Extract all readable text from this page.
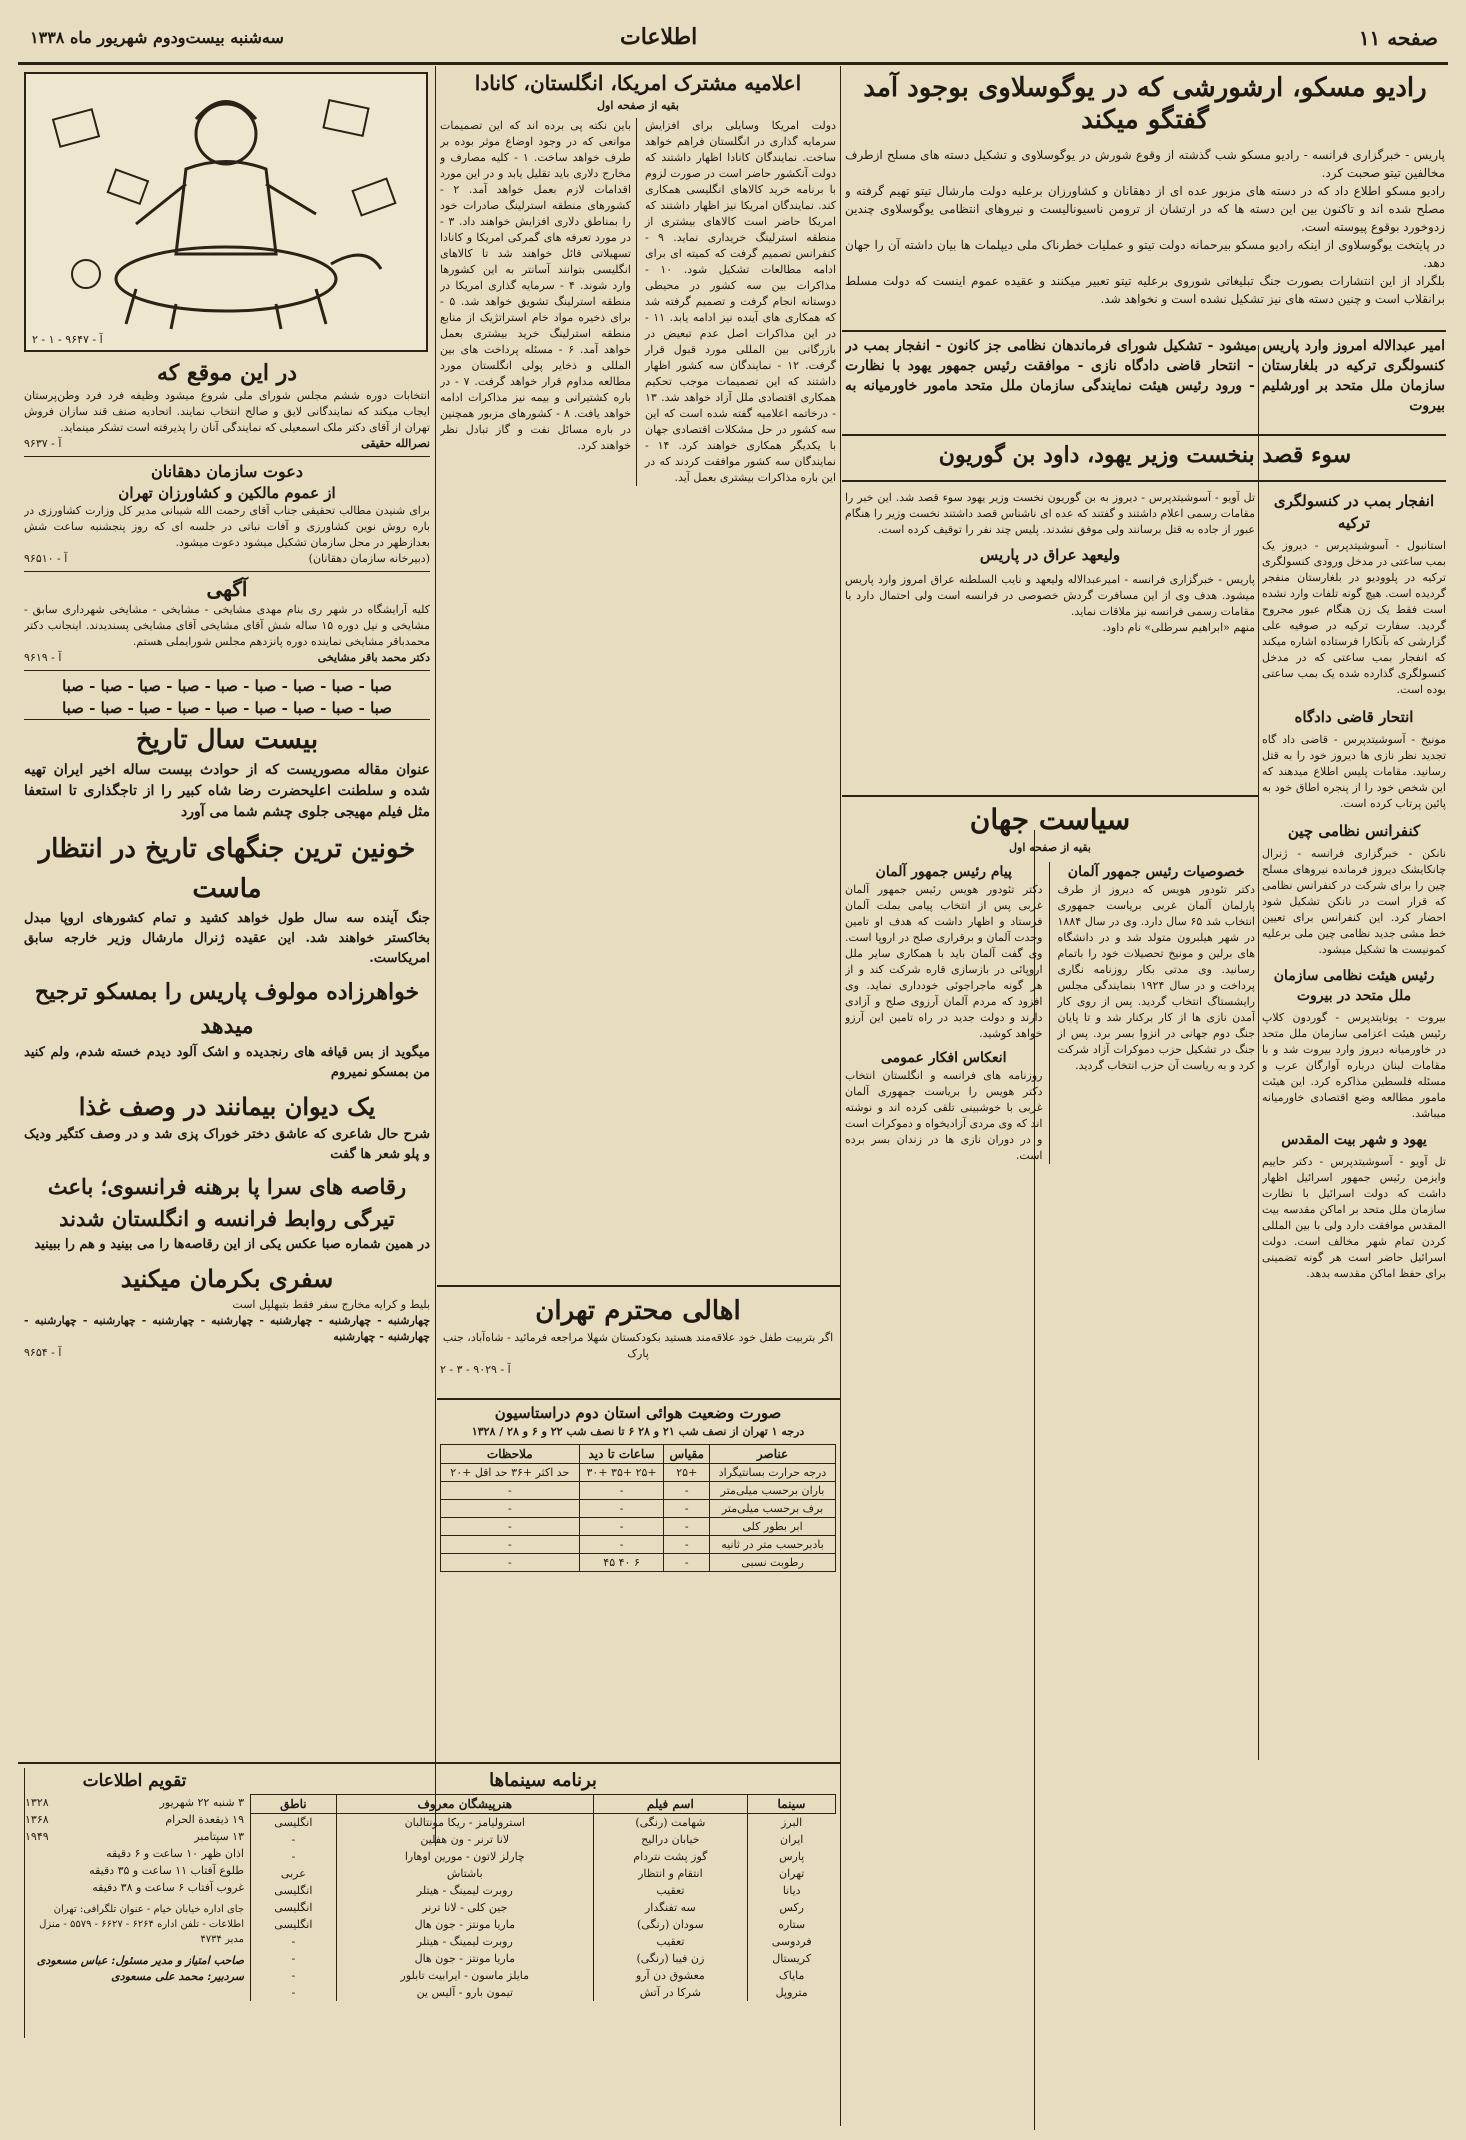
صفحه ۱۱
اطلاعات
سه‌شنبه بیست‌ودوم شهریور ماه ۱۳۳۸
رادیو مسکو، ارشورشی که در یوگوسلاوی بوجود آمد گفتگو میکند
پاریس - خبرگزاری فرانسه - رادیو مسکو شب گذشته از وقوع شورش در یوگوسلاوی و تشکیل دسته های مسلح ازطرف مخالفین تیتو صحبت کرد.
رادیو مسکو اطلاع داد که در دسته های مزبور عده ای از دهقانان و کشاورزان برعلیه دولت مارشال تیتو تهیم گرفته و مصلح شده اند و تاکنون بین این دسته ها که در ارتشان از ترومن ناسیونالیست و نیروهای انتظامی یوگوسلاوی چندین زدوخورد بوقوع پیوسته است.
در پایتخت یوگوسلاوی از اینکه رادیو مسکو بیرحمانه دولت تیتو و عملیات خطرناک ملی دیپلمات ها بیان داشته آن را جهان دهد.
بلگراد از این انتشارات بصورت جنگ تبلیغاتی شوروی برعلیه تیتو تعبیر میکنند و عقیده عموم اینست که دولت مسلط برانقلاب است و چنین دسته های نیز تشکیل نشده است و نخواهد شد.
امیر عبدالاله امروز وارد پاریس میشود - تشکیل شورای فرماندهان نظامی جز کانون - انفجار بمب در کنسولگری ترکیه در بلغارستان - انتحار قاضی دادگاه نازی - موافقت رئیس جمهور یهود با نظارت سازمان ملل متحد بر اورشلیم - ورود رئیس هیئت نمایندگی سازمان ملل متحد مامور خاورمیانه به بیروت
سوء قصد بنخست وزیر یهود، داود بن گوریون
انفجار بمب در کنسولگری ترکیه
استانبول - آسوشیتدپرس - دیروز یک بمب ساعتی در مدخل ورودی کنسولگری ترکیه در پلوودیو در بلغارستان منفجر گردیده است. هیچ گونه تلفات وارد نشده است فقط یک زن هنگام عبور مجروح گردید. سفارت ترکیه در صوفیه علی گزارشی که بآنکارا فرستاده اشاره میکند که انفجار بمب ساعتی که در مدخل کنسولگری گذارده شده یک بمب ساعتی بوده است.
انتحار قاضی دادگاه
مونیخ - آسوشیتدپرس - قاضی داد گاه تجدید نظر نازی ها دیروز خود را به قتل رسانید. مقامات پلیس اطلاع میدهند که این شخص خود را از پنجره اطاق خود به پائین پرتاب کرده است.
کنفرانس نظامی چین
نانکن - خبرگزاری فرانسه - ژنرال چانکایشک دیروز فرمانده نیروهای مسلح چین را برای شرکت در کنفرانس نظامی که قرار است در نانکن تشکیل شود احضار کرد. این کنفرانس برای تعیین خط مشی جدید نظامی چین ملی برعلیه کمونیست ها تشکیل میشود.
رئیس هیئت نظامی سازمان ملل متحد در بیروت
بیروت - یونایتدپرس - گوردون کلاپ رئیس هیئت اعزامی سازمان ملل متحد در خاورمیانه دیروز وارد بیروت شد و با مقامات لبنان درباره آوارگان عرب و مسئله فلسطین مذاکره کرد. این هیئت مامور مطالعه وضع اقتصادی خاورمیانه میباشد.
یهود و شهر بیت المقدس
تل آویو - آسوشیتدپرس - دکتر حاییم وایزمن رئیس جمهور اسرائیل اظهار داشت که دولت اسرائیل با نظارت سازمان ملل متحد بر اماکن مقدسه بیت المقدس موافقت دارد ولی با بین المللی کردن تمام شهر مخالف است. دولت اسرائیل حاضر است هر گونه تضمینی برای حفظ اماکن مقدسه بدهد.
تل آویو - آسوشیتدپرس - دیروز به بن گوریون نخست وزیر یهود سوء قصد شد. این خبر را مقامات رسمی اعلام داشتند و گفتند که عده ای ناشناس قصد داشتند نخست وزیر را هنگام عبور از جاده به قتل برسانند ولی موفق نشدند. پلیس چند نفر را توقیف کرده است.
ولیعهد عراق در پاریس
پاریس - خبرگزاری فرانسه - امیرعبدالاله ولیعهد و نایب السلطنه عراق امروز وارد پاریس میشود. هدف وی از این مسافرت گردش خصوصی در فرانسه است ولی احتمال دارد با مقامات رسمی فرانسه نیز ملاقات نماید.
منهم «ابراهیم سرطلی» نام داود.
سیاست جهان
بقیه از صفحه اول
خصوصیات رئیس جمهور آلمان
دکتر تئودور هویس که دیروز از طرف پارلمان آلمان غربی بریاست جمهوری انتخاب شد ۶۵ سال دارد. وی در سال ۱۸۸۴ در شهر هیلبرون متولد شد و در دانشگاه های برلین و مونیخ تحصیلات خود را باتمام رسانید. وی مدتی بکار روزنامه نگاری پرداخت و در سال ۱۹۲۴ بنمایندگی مجلس رایشستاگ انتخاب گردید. پس از روی کار آمدن نازی ها از کار برکنار شد و تا پایان جنگ دوم جهانی در انزوا بسر برد. پس از جنگ در تشکیل حزب دموکرات آزاد شرکت کرد و به ریاست آن حزب انتخاب گردید.
پیام رئیس جمهور آلمان
دکتر تئودور هویس رئیس جمهور آلمان غربی پس از انتخاب پیامی بملت آلمان فرستاد و اظهار داشت که هدف او تامین وحدت آلمان و برقراری صلح در اروپا است. وی گفت آلمان باید با همکاری سایر ملل اروپائی در بازسازی قاره شرکت کند و از هر گونه ماجراجوئی خودداری نماید. وی افزود که مردم آلمان آرزوی صلح و آزادی دارند و دولت جدید در راه تامین این آرزو خواهد کوشید.
انعکاس افکار عمومی
روزنامه های فرانسه و انگلستان انتخاب دکتر هویس را بریاست جمهوری آلمان غربی با خوشبینی تلقی کرده اند و نوشته اند که وی مردی آزادیخواه و دموکرات است و در دوران نازی ها در زندان بسر برده است.
اعلامیه مشترک امریکا، انگلستان، کانادا
بقیه از صفحه اول
دولت امریکا وسایلی برای افزایش سرمایه گذاری در انگلستان فراهم خواهد ساخت. نمایندگان کانادا اظهار داشتند که دولت آنکشور حاضر است در صورت لزوم با برنامه خرید کالاهای انگلیسی همکاری کند. نمایندگان امریکا نیز اظهار داشتند که امریکا حاضر است کالاهای بیشتری از منطقه استرلینگ خریداری نماید. ۹ - کنفرانس تصمیم گرفت که کمیته ای برای ادامه مطالعات تشکیل شود. ۱۰ - مذاکرات بین سه کشور در محیطی دوستانه انجام گرفت و تصمیم گرفته شد که همکاری های آینده نیز ادامه یابد. ۱۱ - در این مذاکرات اصل عدم تبعیض در بازرگانی بین المللی مورد قبول قرار گرفت. ۱۲ - نمایندگان سه کشور اظهار داشتند که این تصمیمات موجب تحکیم همکاری اقتصادی ملل آزاد خواهد شد. ۱۳ - درخاتمه اعلامیه گفته شده است که این سه کشور در حل مشکلات اقتصادی جهان با یکدیگر همکاری خواهند کرد. ۱۴ - نمایندگان سه کشور موافقت کردند که در این باره مذاکرات بیشتری بعمل آید.
باین نکته پی برده اند که این تصمیمات موانعی که در وجود اوضاع موثر بوده بر طرف خواهد ساخت. ۱ - کلیه مصارف و مخارج دلاری باید تقلیل یابد و در این مورد اقدامات لازم بعمل خواهد آمد. ۲ - کشورهای منطقه استرلینگ صادرات خود را بمناطق دلاری افزایش خواهند داد. ۳ - در مورد تعرفه های گمرکی امریکا و کانادا تسهیلاتی قائل خواهند شد تا کالاهای انگلیسی بتوانند آسانتر به این کشورها وارد شوند. ۴ - سرمایه گذاری امریکا در منطقه استرلینگ تشویق خواهد شد. ۵ - برای ذخیره مواد خام استراتژیک از منابع منطقه استرلینگ خرید بیشتری بعمل خواهد آمد. ۶ - مسئله پرداخت های بین المللی و ذخایر پولی انگلستان مورد مطالعه مداوم قرار خواهد گرفت. ۷ - در باره کشتیرانی و بیمه نیز مذاکرات ادامه خواهد یافت. ۸ - کشورهای مزبور همچنین در باره مسائل نفت و گاز تبادل نظر خواهند کرد.
اهالی محترم تهران
اگر بتربیت طفل خود علاقه‌مند هستید بکودکستان شهلا مراجعه فرمائید - شاه‌آباد، جنب پارک
آ - ۹۰۲۹ - ۳ - ۲
صورت وضعیت هوائی استان دوم دراستاسیون
درجه ۱ تهران از نصف شب ۲۱ و ۲۸ ۶ تا نصف شب ۲۲ و ۶ و ۲۸ / ۱۳۲۸
عناصر	مقیاس	ساعات تا دید	ملاحظات
درجه حرارت بسانتیگراد	+۲۵	+۲۵ +۳۵ +۳۰	حد اکثر +۳۶ حد اقل +۲۰
باران برحسب میلی‌متر	-	-	-
برف برحسب میلی‌متر	-	-	-
ابر بطور کلی	-	-	-
بادبرحسب متر در ثانیه	-	-	-
رطوبت نسبی	-	۶ ۴۰ ۴۵	-
آ - ۹۶۴۷ - ۱ - ۲
در این موقع که
انتخابات دوره ششم مجلس شورای ملی شروع میشود وظیفه فرد فرد وطن‌پرستان ایجاب میکند که نمایندگانی لایق و صالح انتخاب نمایند. اتحادیه صنف قند سازان فروش تهران از آقای دکتر ملک اسمعیلی که نمایندگی آنان را پذیرفته است تشکر مینماید.
نصرالله حقیقی
آ - ۹۶۳۷
دعوت سازمان دهقانان
از عموم مالکین و کشاورزان تهران
برای شنیدن مطالب تحقیقی جناب آقای رحمت الله شیبانی مدیر کل وزارت کشاورزی در باره روش نوین کشاورزی و آفات نباتی در جلسه ای که روز پنجشنبه ساعت شش بعدازظهر در محل سازمان تشکیل میشود دعوت میشود.
(دبیرخانه سازمان دهقانان)
آ - ۹۶۵۱۰
آگهی
کلیه آرایشگاه در شهر ری بنام مهدی مشایخی - مشایخی - مشایخی شهرداری سابق - مشایخی و نیل دوره ۱۵ ساله شش آقای مشایخی آقای مشایخی پسندیدند. اینجانب دکتر محمدباقر مشایخی نماینده دوره پانزدهم مجلس شورایملی هستم.
دکتر محمد باقر مشایخی
آ - ۹۶۱۹
صبا - صبا - صبا - صبا - صبا - صبا - صبا - صبا - صبا
صبا - صبا - صبا - صبا - صبا - صبا - صبا - صبا - صبا
بیست سال تاریخ
عنوان مقاله مصوریست که از حوادث بیست ساله اخیر ایران تهیه شده و سلطنت اعلیحضرت رضا شاه کبیر را از تاجگذاری تا استعفا مثل فیلم مهیجی جلوی چشم شما می آورد
خونین ترین جنگهای تاریخ در انتظار ماست
جنگ آینده سه سال طول خواهد کشید و تمام کشورهای اروپا مبدل بخاکستر خواهند شد. این عقیده ژنرال مارشال وزیر خارجه سابق امریکاست.
خواهرزاده مولوف پاریس را بمسکو ترجیح میدهد
میگوید از بس قیافه های رنجدیده و اشک آلود دیدم خسته شدم، ولم کنید من بمسکو نمیروم
یک دیوان بیمانند در وصف غذا
شرح حال شاعری که عاشق دختر خوراک پزی شد و در وصف کتگیر ودیک و پلو شعر ها گفت
رقاصه های سرا پا برهنه فرانسوی؛ باعث تیرگی روابط فرانسه و انگلستان شدند
در همین شماره صبا عکس یکی از این رقاصه‌ها را می بینید و هم را ببینید
سفری بکرمان میکنید
بليط و کرايه مخارج سفر فقط بتبهلپل است
چهارشنبه - چهارشنبه - چهارشنبه - چهارشنبه - چهارشنبه - چهارشنبه - چهارشنبه - چهارشنبه - چهارشنبه
آ - ۹۶۵۴
برنامه سینماها
سینما	اسم فیلم	هنرپیشگان معروف	ناطق
البرز	شهامت (رنگی)	استرولیامز - ریکا مونتالبان	انگلیسی
ایران	خیابان درالیح	لانا ترنر - ون هفلین	-
پارس	گوز پشت نتردام	چارلز لاتون - مورین اوهارا	-
تهران	انتقام و انتظار	باشتاش	عربی
دیانا	تعقیب	روبرت لیمینگ - هیتلر	انگلیسی
رکس	سه تفنگدار	جین کلی - لانا ترنر	انگلیسی
ستاره	سودان (رنگی)	ماریا مونتز - جون هال	انگلیسی
فردوسی	تعقیب	روبرت لیمینگ - هیتلر	-
کریستال	زن فیبا (رنگی)	ماریا مونتز - جون هال	-
مایاک	معشوق دن آرو	مایلز ماسون - ایرابیت تابلور	-
متروپل	شرکا در آتش	تیمون بارو - آلیس ین	-
تقویم اطلاعات
۳ شنبه ۲۲ شهریور
۱۳۲۸
۱۹ ذیقعدة الحرام
۱۳۶۸
۱۳ سپتامبر
۱۹۴۹
اذان ظهر ۱۰ ساعت و ۶ دقیقه
طلوع آفتاب ۱۱ ساعت و ۳۵ دقیقه
غروب آفتاب ۶ ساعت و ۳۸ دقیقه
جای اداره خیابان خیام - عنوان تلگرافی: تهران اطلاعات - تلفن اداره ۶۲۶۴ - ۶۶۲۷ - ۵۵۷۹ - منزل مدیر ۴۷۳۴
صاحب امتیاز و مدیر مسئول: عباس مسعودی
سردبیر: محمد علی مسعودی
